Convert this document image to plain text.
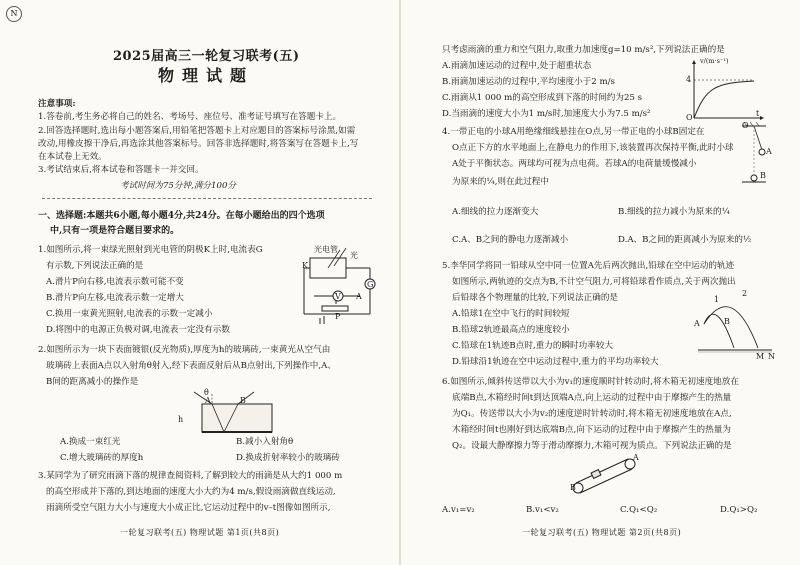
N
2025届高三一轮复习联考(五)
物理试题
注意事项:
1.答卷前,考生务必将自己的姓名、考场号、座位号、准考证号填写在答题卡上。
2.回答选择题时,选出每小题答案后,用铅笔把答题卡上对应题目的答案标号涂黑,如需
改动,用橡皮擦干净后,再选涂其他答案标号。回答非选择题时,将答案写在答题卡上,写
在本试卷上无效。
3.考试结束后,将本试卷和答题卡一并交回。
考试时间为75分钟,满分100分
一、选择题:本题共6小题,每小题4分,共24分。在每小题给出的四个选项
中,只有一项是符合题目要求的。
1.如图所示,将一束绿光照射到光电管的阴极K上时,电流表G
有示数,下列说法正确的是
A.滑片P向右移,电流表示数可能不变
B.滑片P向左移,电流表示数一定增大
C.换用一束黄光照射,电流表的示数一定减小
D.将图中的电源正负极对调,电流表一定没有示数
光电管
光
K
G
V A
P
2.如图所示为一块下表面镀银(反光物质),厚度为h的玻璃砖,一束黄光从空气由
玻璃砖上表面A点以入射角θ射入,经下表面反射后从B点射出,下列操作中,A、
B间的距离减小的操作是
θ
A	B
h
A.换成一束红光	B.减小入射角θ
C.增大玻璃砖的厚度h	D.换成折射率较小的玻璃砖
3.某同学为了研究雨滴下落的规律查阅资料,了解到较大的雨滴是从大约1 000 m
的高空形成并下落的,到达地面的速度大小大约为4 m/s,假设雨滴做直线运动,
雨滴所受空气阻力大小与速度大小成正比,它运动过程中的v–t图像如图所示,
一轮复习联考(五) 物理试题 第1页(共8页)
只考虑雨滴的重力和空气阻力,取重力加速度g=10 m/s²,下列说法正确的是
A.雨滴加速运动的过程中,处于超重状态
B.雨滴加速运动的过程中,平均速度小于2 m/s
C.雨滴从1 000 m的高空形成到下落的时间约为25 s
D.当雨滴的速度大小为1 m/s时,加速度大小为7.5 m/s²
v/(m·s⁻¹)
4
O	t
4.一带正电的小球A用绝缘细线悬挂在O点,另一带正电的小球B固定在
O点正下方的水平地面上,在静电力的作用下,该装置再次保持平衡,此时小球
A处于平衡状态。两球均可视为点电荷。若球A的电荷量缓慢减小
为原来的¼,则在此过程中
O
A
B
A.细线的拉力逐渐变大	B.细线的拉力减小为原来的¼
C.A、B之间的静电力逐渐减小	D.A、B之间的距离减小为原来的½
5.李华同学将同一铅球从空中同一位置A先后两次抛出,铅球在空中运动的轨迹
如图所示,两轨迹的交点为B,不计空气阻力,可将铅球看作质点,关于两次抛出
后铅球各个物理量的比较,下列说法正确的是
A.铅球1在空中飞行的时间较短
B.铅球2轨迹最高点的速度较小
C.铅球在1轨迹B点时,重力的瞬时功率较大
D.铅球沿1轨迹在空中运动过程中,重力的平均功率较大
A	B
1
2
M N
6.如图所示,倾斜传送带以大小为v₁的速度顺时针转动时,将木箱无初速度地放在
底端B点,木箱经时间t到达顶端A点,向上运动的过程中由于摩擦产生的热量
为Q₁。传送带以大小为v₂的速度逆时针转动时,将木箱无初速度地放在A点,
木箱经时间t也刚好到达底端B点,向下运动的过程中由于摩擦产生的热量为
Q₂。设最大静摩擦力等于滑动摩擦力,木箱可视为质点。下列说法正确的是
A
B
A.v₁=v₂	B.v₁<v₂	C.Q₁<Q₂	D.Q₁>Q₂
一轮复习联考(五) 物理试题 第2页(共8页)
